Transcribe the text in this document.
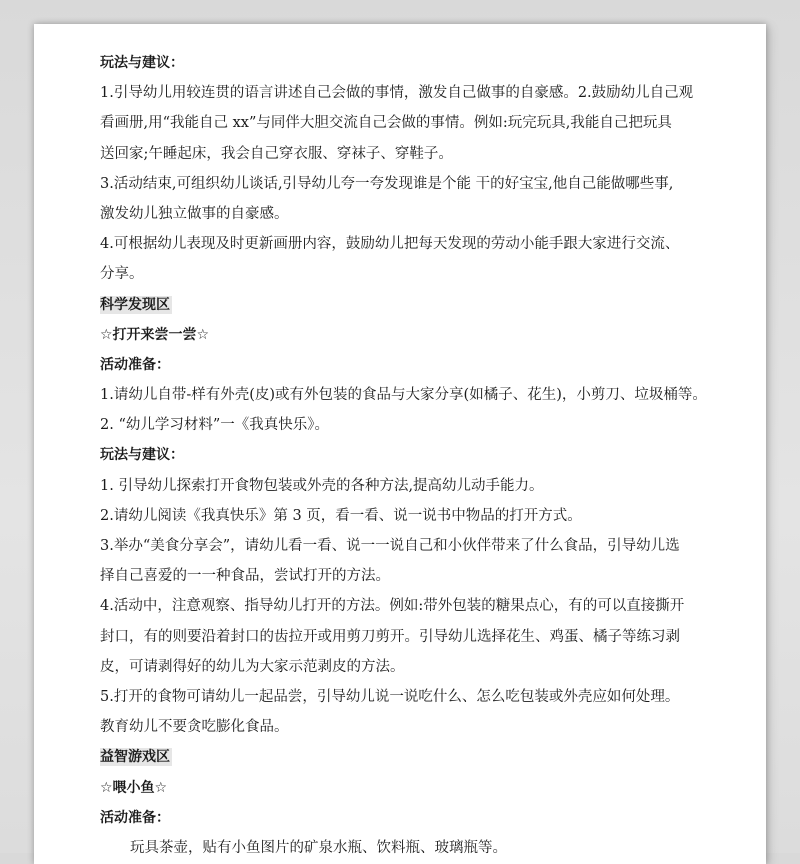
玩法与建议：
1.引导幼儿用较连贯的语言讲述自己会做的事情，激发自己做事的自豪感。2.鼓励幼儿自己观
看画册,用“我能自己 xx”与同伴大胆交流自己会做的事情。例如:玩完玩具,我能自己把玩具
送回家;午睡起床，我会自己穿衣服、穿袜子、穿鞋子。
3.活动结束,可组织幼儿谈话,引导幼儿夸一夸发现谁是个能 干的好宝宝,他自己能做哪些事,
激发幼儿独立做事的自豪感。
4.可根据幼儿表现及时更新画册内容，鼓励幼儿把每天发现的劳动小能手跟大家进行交流、
分享。
科学发现区
☆打开来尝一尝☆
活动准备：
1.请幼儿自带-样有外壳(皮)或有外包装的食品与大家分享(如橘子、花生)，小剪刀、垃圾桶等。
2. “幼儿学习材料”一《我真快乐》。
玩法与建议：
1. 引导幼儿探索打开食物包装或外壳的各种方法,提高幼儿动手能力。
2.请幼儿阅读《我真快乐》第 3 页，看一看、说一说书中物品的打开方式。
3.举办“美食分享会”，请幼儿看一看、说一一说自己和小伙伴带来了什么食品，引导幼儿选
择自己喜爱的一一种食品，尝试打开的方法。
4.活动中，注意观察、指导幼儿打开的方法。例如:带外包装的糖果点心，有的可以直接撕开
封口，有的则要沿着封口的齿拉开或用剪刀剪开。引导幼儿选择花生、鸡蛋、橘子等练习剥
皮，可请剥得好的幼儿为大家示范剥皮的方法。
5.打开的食物可请幼儿一起品尝，引导幼儿说一说吃什么、怎么吃包装或外壳应如何处理。
教育幼儿不要贪吃膨化食品。
益智游戏区
☆喂小鱼☆
活动准备：
玩具茶壶，贴有小鱼图片的矿泉水瓶、饮料瓶、玻璃瓶等。
